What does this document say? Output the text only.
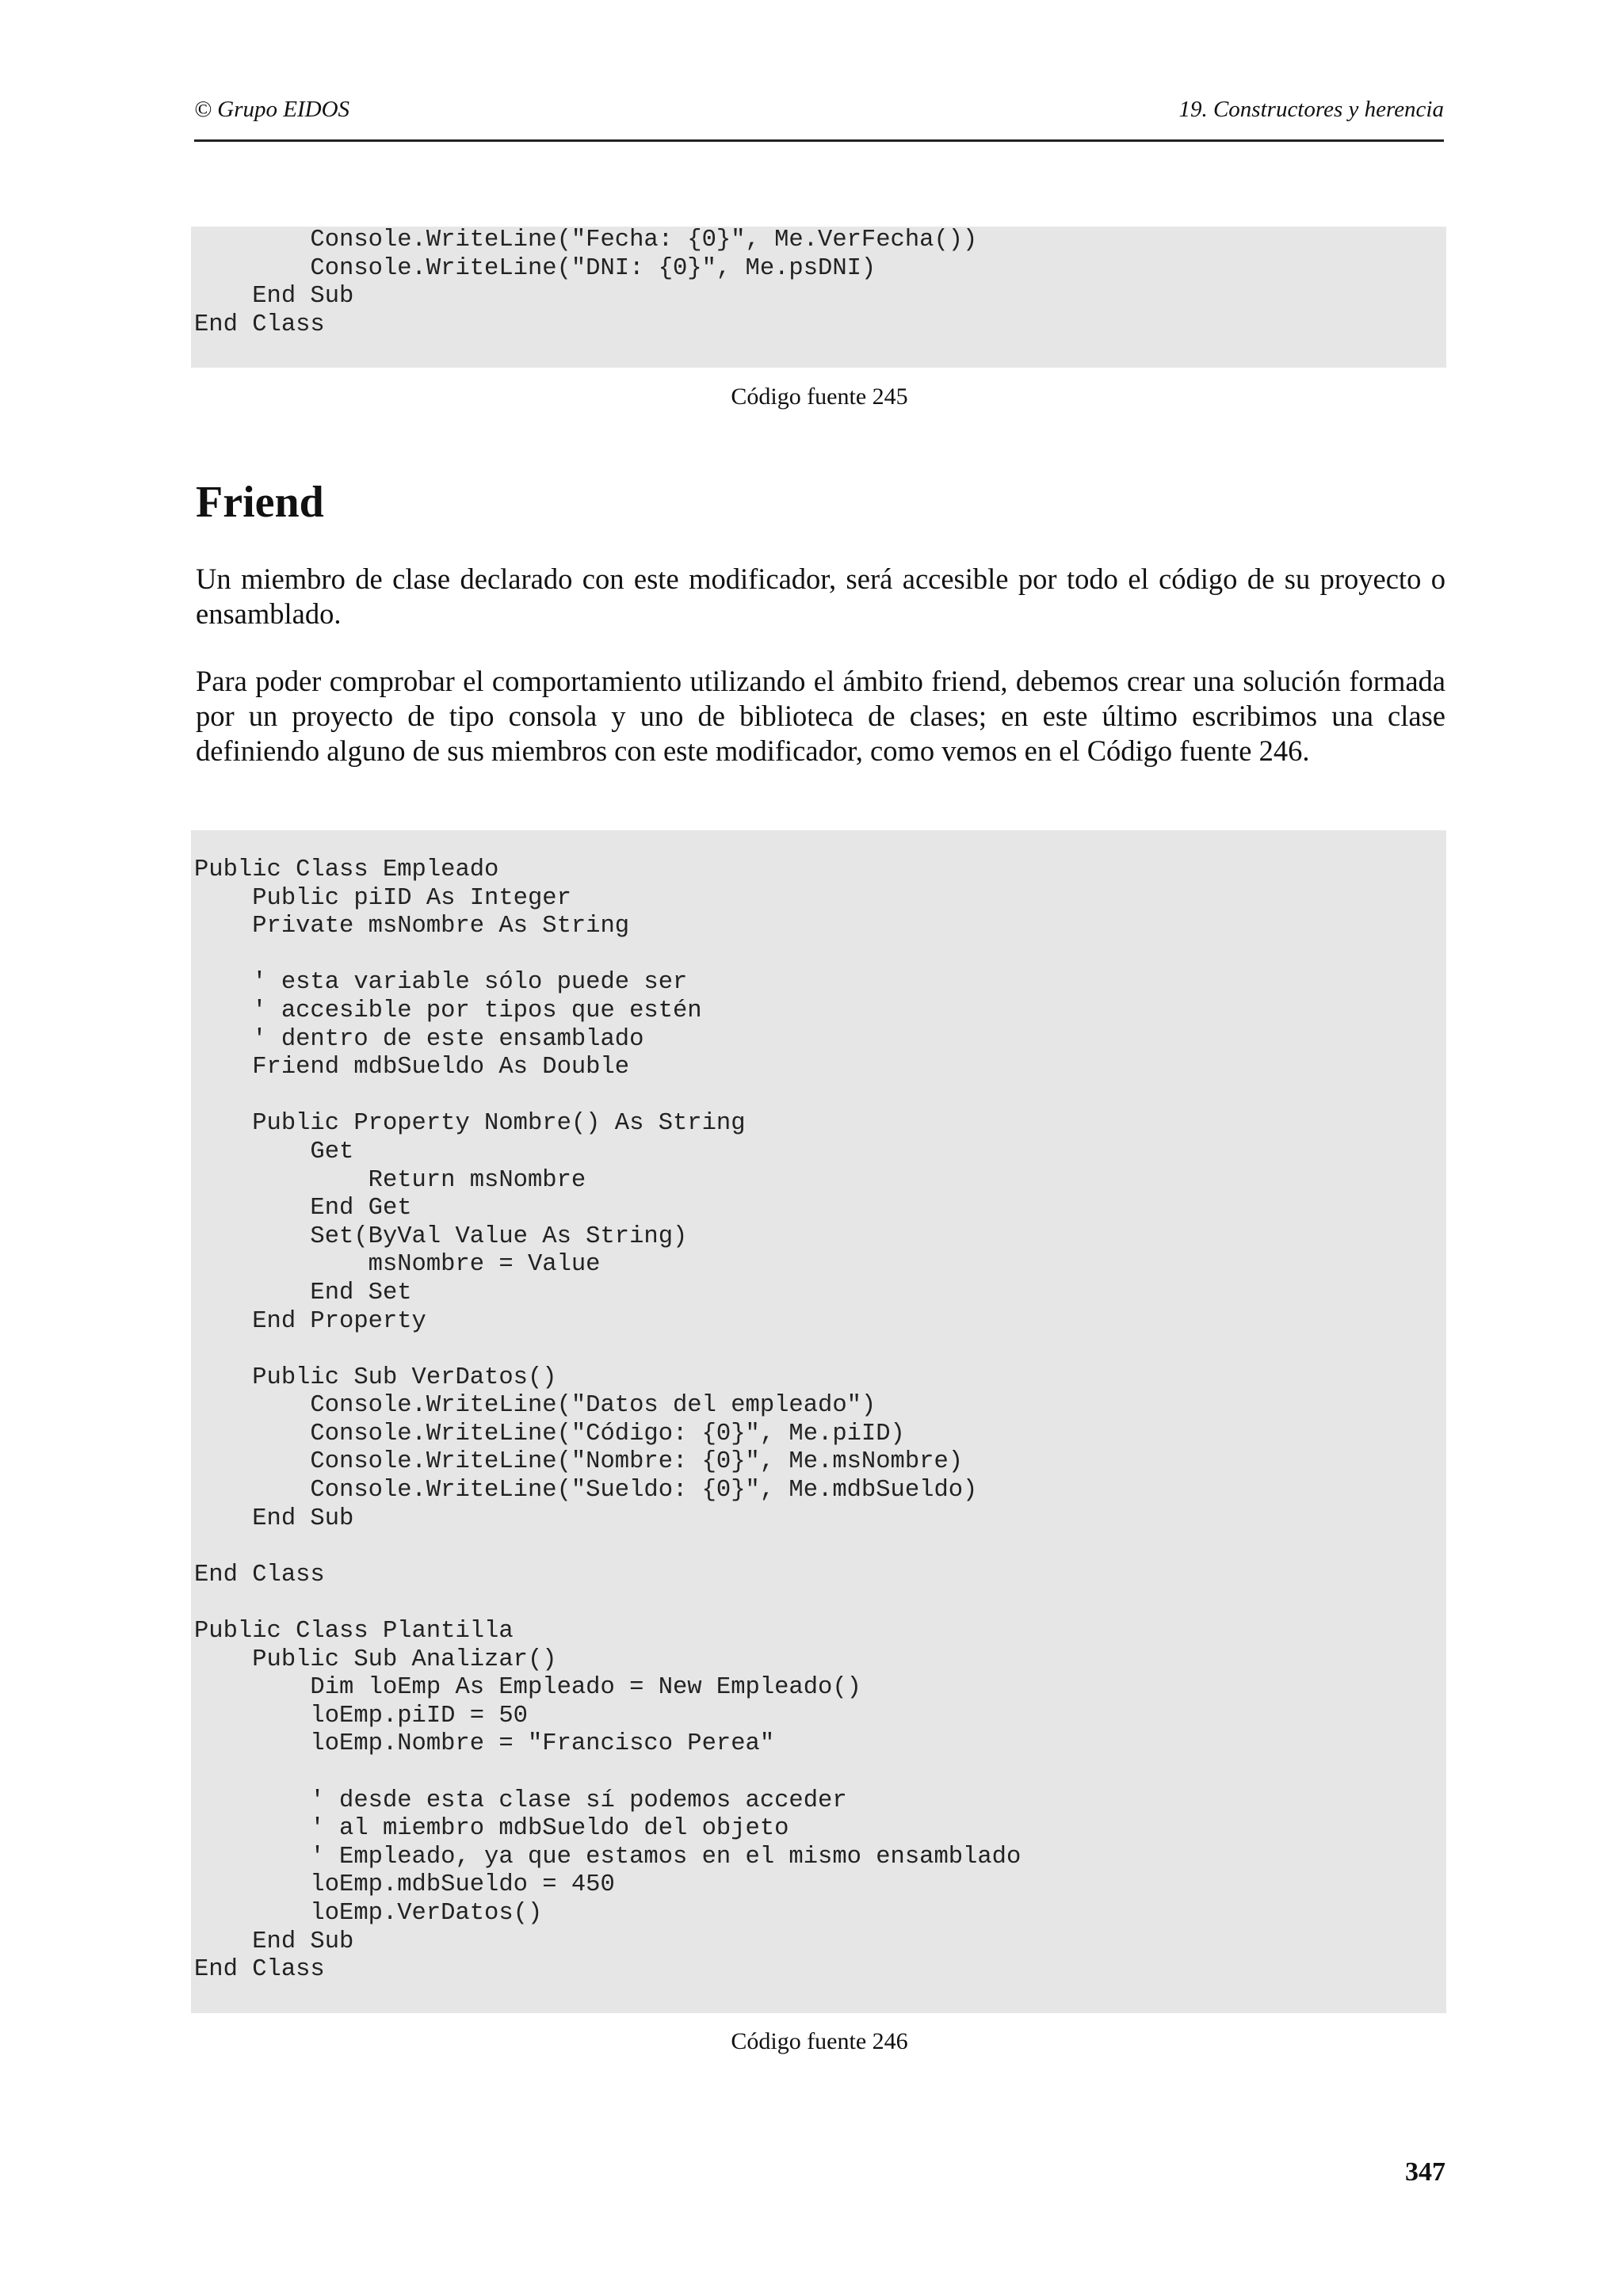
© Grupo EIDOS	19. Constructores y herencia
Console.WriteLine("Fecha: {0}", Me.VerFecha())
Console.WriteLine("DNI: {0}", Me.psDNI)
End Sub
End Class
Código fuente 245
Friend

Un miembro de clase declarado con este modificador, será accesible por todo el código de su proyecto o ensamblado.

Para poder comprobar el comportamiento utilizando el ámbito friend, debemos crear una solución formada por un proyecto de tipo consola y uno de biblioteca de clases; en este último escribimos una clase definiendo alguno de sus miembros con este modificador, como vemos en el Código fuente 246.

Public Class Empleado
Public piID As Integer
Private msNombre As String

' esta variable sólo puede ser
' accesible por tipos que estén
' dentro de este ensamblado
Friend mdbSueldo As Double

Public Property Nombre() As String
Get
Return msNombre
End Get
Set(ByVal Value As String)
msNombre = Value
End Set
End Property

Public Sub VerDatos()
Console.WriteLine("Datos del empleado")
Console.WriteLine("Código: {0}", Me.piID)
Console.WriteLine("Nombre: {0}", Me.msNombre)
Console.WriteLine("Sueldo: {0}", Me.mdbSueldo)
End Sub

End Class

Public Class Plantilla
Public Sub Analizar()
Dim loEmp As Empleado = New Empleado()
loEmp.piID = 50
loEmp.Nombre = "Francisco Perea"

' desde esta clase sí podemos acceder
' al miembro mdbSueldo del objeto
' Empleado, ya que estamos en el mismo ensamblado
loEmp.mdbSueldo = 450
loEmp.VerDatos()
End Sub
End Class
Código fuente 246
347
